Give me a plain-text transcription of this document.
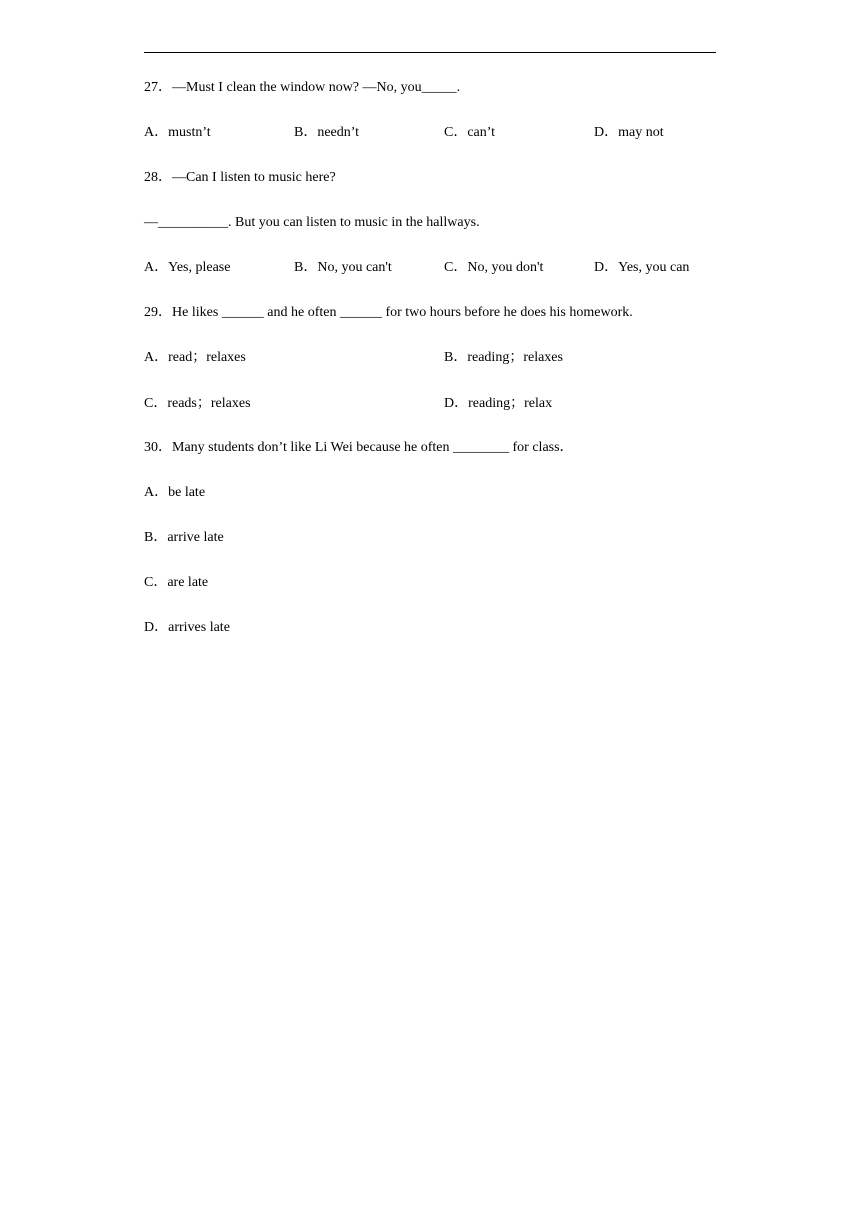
27．—Must I clean the window now? —No, you_____.
A．mustn’t	B．needn’t	C．can’t	D．may not
28．—Can I listen to music here?
—__________. But you can listen to music in the hallways.
A．Yes, please	B．No, you can't	C．No, you don't	D．Yes, you can
29．He likes ______ and he often ______ for two hours before he does his homework.
A．read；relaxes	B．reading；relaxes
C．reads；relaxes	D．reading；relax
30．Many students don’t like Li Wei because he often ________ for class．
A．be late
B．arrive late
C．are late
D．arrives late
